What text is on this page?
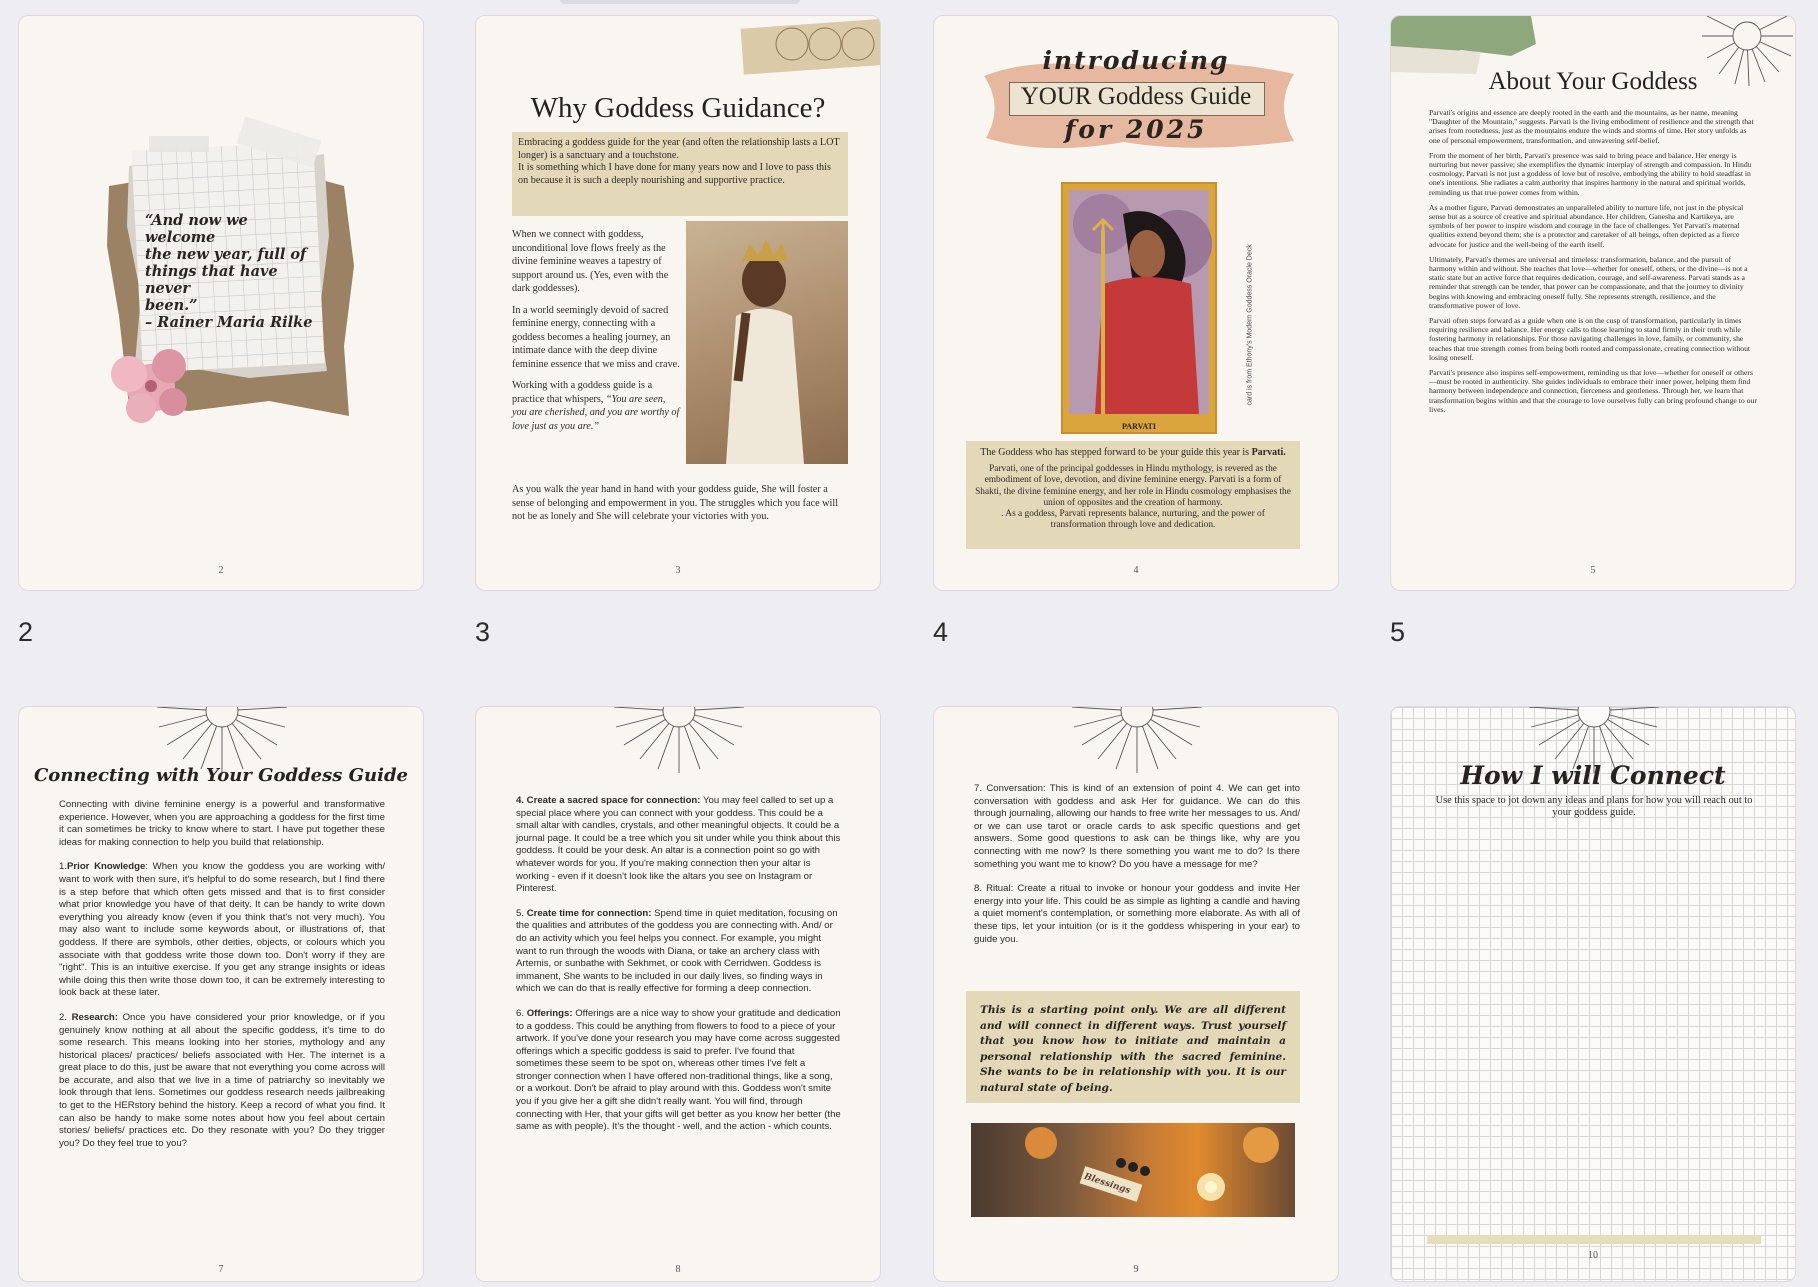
“And now we welcome
the new year, full of
things that have never
been.”
– Rainer Maria Rilke
2
2
Why Goddess Guidance?
Embracing a goddess guide for the year (and often the relationship lasts a LOT longer) is a sanctuary and a touchstone.
It is something which I have done for many years now and I love to pass this on because it is such a deeply nourishing and supportive practice.

When we connect with goddess, unconditional love flows freely as the divine feminine weaves a tapestry of support around us. (Yes, even with the dark goddesses).

In a world seemingly devoid of sacred feminine energy, connecting with a goddess becomes a healing journey, an intimate dance with the deep divine feminine essence that we miss and crave.

Working with a goddess guide is a practice that whispers, “You are seen, you are cherished, and you are worthy of love just as you are.”

As you walk the year hand in hand with your goddess guide, She will foster a sense of belonging and empowerment in you. The struggles which you face will not be as lonely and She will celebrate your victories with you.
3
3
introducing
YOUR Goddess Guide
for 2025
PARVATI
card is from Ethony's Modern Goddess Oracle Deck
The Goddess who has stepped forward to be your guide this year is Parvati.
Parvati, one of the principal goddesses in Hindu mythology, is revered as the embodiment of love, devotion, and divine feminine energy. Parvati is a form of Shakti, the divine feminine energy, and her role in Hindu cosmology emphasises the union of opposites and the creation of harmony.
. As a goddess, Parvati represents balance, nurturing, and the power of transformation through love and dedication.
4
4
About Your Goddess

Parvati's origins and essence are deeply rooted in the earth and the mountains, as her name, meaning "Daughter of the Mountain," suggests. Parvati is the living embodiment of resilience and the strength that arises from rootedness, just as the mountains endure the winds and storms of time. Her story unfolds as one of personal empowerment, transformation, and unwavering self-belief.

From the moment of her birth, Parvati's presence was said to bring peace and balance. Her energy is nurturing but never passive; she exemplifies the dynamic interplay of strength and compassion. In Hindu cosmology, Parvati is not just a goddess of love but of resolve, embodying the ability to hold steadfast in one's intentions. She radiates a calm authority that inspires harmony in the natural and spiritual worlds, reminding us that true power comes from within.

As a mother figure, Parvati demonstrates an unparalleled ability to nurture life, not just in the physical sense but as a source of creative and spiritual abundance. Her children, Ganesha and Kartikeya, are symbols of her power to inspire wisdom and courage in the face of challenges. Yet Parvati's maternal qualities extend beyond them; she is a protector and caretaker of all beings, often depicted as a fierce advocate for justice and the well-being of the earth itself.

Ultimately, Parvati's themes are universal and timeless: transformation, balance, and the pursuit of harmony within and without. She teaches that love—whether for oneself, others, or the divine—is not a static state but an active force that requires dedication, courage, and self-awareness. Parvati stands as a reminder that strength can be tender, that power can be compassionate, and that the journey to divinity begins with knowing and embracing oneself fully. She represents strength, resilience, and the transformative power of love.

Parvati often steps forward as a guide when one is on the cusp of transformation, particularly in times requiring resilience and balance. Her energy calls to those learning to stand firmly in their truth while fostering harmony in relationships. For those navigating challenges in love, family, or community, she teaches that true strength comes from being both rooted and compassionate, creating connection without losing oneself.

Parvati's presence also inspires self-empowerment, reminding us that love—whether for oneself or others—must be rooted in authenticity. She guides individuals to embrace their inner power, helping them find harmony between independence and connection, fierceness and gentleness. Through her, we learn that transformation begins within and that the courage to love ourselves fully can bring profound change to our lives.

5
5
Connecting with Your Goddess Guide

Connecting with divine feminine energy is a powerful and transformative experience. However, when you are approaching a goddess for the first time it can sometimes be tricky to know where to start. I have put together these ideas for making connection to help you build that relationship.

1.Prior Knowledge: When you know the goddess you are working with/ want to work with then sure, it's helpful to do some research, but I find there is a step before that which often gets missed and that is to first consider what prior knowledge you have of that deity. It can be handy to write down everything you already know (even if you think that's not very much). You may also want to include some keywords about, or illustrations of, that goddess. If there are symbols, other deities, objects, or colours which you associate with that goddess write those down too. Don't worry if they are "right". This is an intuitive exercise. If you get any strange insights or ideas while doing this then write those down too, it can be extremely interesting to look back at these later.

2. Research: Once you have considered your prior knowledge, or if you genuinely know nothing at all about the specific goddess, it's time to do some research. This means looking into her stories, mythology and any historical places/ practices/ beliefs associated with Her. The internet is a great place to do this, just be aware that not everything you come across will be accurate, and also that we live in a time of patriarchy so inevitably we look through that lens. Sometimes our goddess research needs jailbreaking to get to the HERstory behind the history. Keep a record of what you find. It can also be handy to make some notes about how you feel about certain stories/ beliefs/ practices etc. Do they resonate with you? Do they trigger you? Do they feel true to you?

7

4. Create a sacred space for connection: You may feel called to set up a special place where you can connect with your goddess. This could be a small altar with candles, crystals, and other meaningful objects. It could be a journal page. It could be a tree which you sit under while you think about this goddess. It could be your desk. An altar is a connection point so go with whatever words for you. If you're making connection then your altar is working - even if it doesn't look like the altars you see on Instagram or Pinterest.

5. Create time for connection: Spend time in quiet meditation, focusing on the qualities and attributes of the goddess you are connecting with. And/ or do an activity which you feel helps you connect. For example, you might want to run through the woods with Diana, or take an archery class with Artemis, or sunbathe with Sekhmet, or cook with Cerridwen. Goddess is immanent, She wants to be included in our daily lives, so finding ways in which we can do that is really effective for forming a deep connection.

6. Offerings: Offerings are a nice way to show your gratitude and dedication to a goddess. This could be anything from flowers to food to a piece of your artwork. If you've done your research you may have come across suggested offerings which a specific goddess is said to prefer. I've found that sometimes these seem to be spot on, whereas other times I've felt a stronger connection when I have offered non-traditional things, like a song, or a workout. Don't be afraid to play around with this. Goddess won't smite you if you give her a gift she didn't really want. You will find, through connecting with Her, that your gifts will get better as you know her better (the same as with people). It's the thought - well, and the action - which counts.

8

7. Conversation: This is kind of an extension of point 4. We can get into conversation with goddess and ask Her for guidance. We can do this through journaling, allowing our hands to free write her messages to us. And/ or we can use tarot or oracle cards to ask specific questions and get answers. Some good questions to ask can be things like, why are you connecting with me now? Is there something you want me to do? Is there something you want me to know? Do you have a message for me?

8. Ritual: Create a ritual to invoke or honour your goddess and invite Her energy into your life. This could be as simple as lighting a candle and having a quiet moment's contemplation, or something more elaborate. As with all of these tips, let your intuition (or is it the goddess whispering in your ear) to guide you.

This is a starting point only. We are all different and will connect in different ways. Trust yourself that you know how to initiate and maintain a personal relationship with the sacred feminine. She wants to be in relationship with you. It is our natural state of being.
Blessings
9
How I will Connect
Use this space to jot down any ideas and plans for how you will reach out to your goddess guide.
10
